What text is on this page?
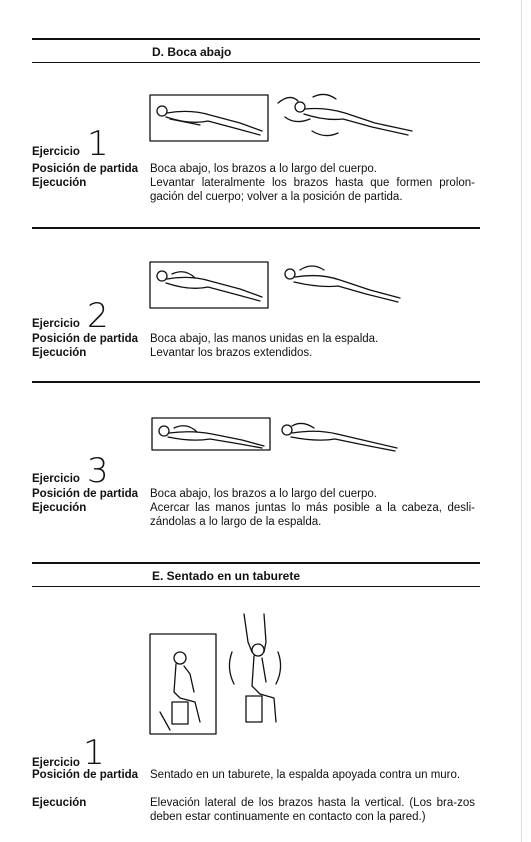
D. Boca abajo
Ejercicio 1
Posición de partida Boca abajo, los brazos a lo largo del cuerpo.
Ejecución	Levantar lateralmente los brazos hasta que formen prolon-gación del cuerpo; volver a la posición de partida.
Ejercicio 2
Posición de partida Boca abajo, las manos unidas en la espalda.
Ejecución	Levantar los brazos extendidos.
Ejercicio 3
Posición de partida Boca abajo, los brazos a lo largo del cuerpo.
Ejecución	Acercar las manos juntas lo más posible a la cabeza, desli-zándolas a lo largo de la espalda.
E. Sentado en un taburete
Ejercicio 1
Posición de partida Sentado en un taburete, la espalda apoyada contra un muro.
Ejecución	Elevación lateral de los brazos hasta la vertical. (Los bra-zos deben estar continuamente en contacto con la pared.)
